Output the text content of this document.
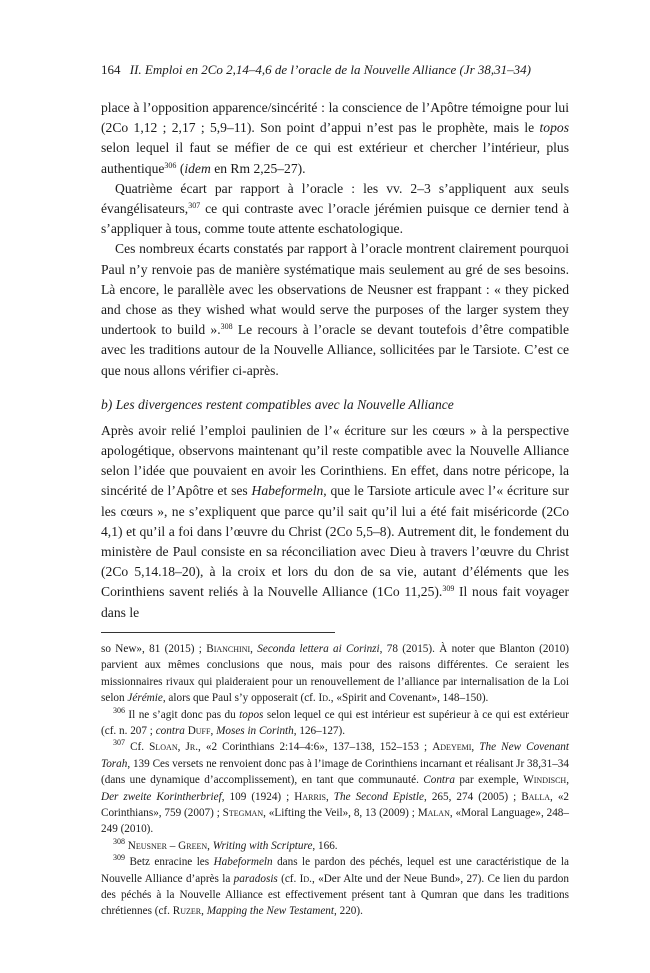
164 II. Emploi en 2Co 2,14–4,6 de l’oracle de la Nouvelle Alliance (Jr 38,31–34)

place à l’opposition apparence/sincérité : la conscience de l’Apôtre témoigne pour lui (2Co 1,12 ; 2,17 ; 5,9–11). Son point d’appui n’est pas le prophète, mais le topos selon lequel il faut se méfier de ce qui est extérieur et chercher l’intérieur, plus authentique$^{306}$ (idem en Rm 2,25–27).

Quatrième écart par rapport à l’oracle : les vv. 2–3 s’appliquent aux seuls évangélisateurs,$^{307}$ ce qui contraste avec l’oracle jérémien puisque ce dernier tend à s’appliquer à tous, comme toute attente eschatologique.

Ces nombreux écarts constatés par rapport à l’oracle montrent clairement pourquoi Paul n’y renvoie pas de manière systématique mais seulement au gré de ses besoins. Là encore, le parallèle avec les observations de Neusner est frappant : « they picked and chose as they wished what would serve the purposes of the larger system they undertook to build ».$^{308}$ Le recours à l’oracle se devant toutefois d’être compatible avec les traditions autour de la Nouvelle Alliance, sollicitées par le Tarsiote. C’est ce que nous allons vérifier ci-après.

b) Les divergences restent compatibles avec la Nouvelle Alliance

Après avoir relié l’emploi paulinien de l’« écriture sur les cœurs » à la perspective apologétique, observons maintenant qu’il reste compatible avec la Nouvelle Alliance selon l’idée que pouvaient en avoir les Corinthiens. En effet, dans notre péricope, la sincérité de l’Apôtre et ses Habeformeln, que le Tarsiote articule avec l’« écriture sur les cœurs », ne s’expliquent que parce qu’il sait qu’il lui a été fait miséricorde (2Co 4,1) et qu’il a foi dans l’œuvre du Christ (2Co 5,5–8). Autrement dit, le fondement du ministère de Paul consiste en sa réconciliation avec Dieu à travers l’œuvre du Christ (2Co 5,14.18–20), à la croix et lors du don de sa vie, autant d’éléments que les Corinthiens savent reliés à la Nouvelle Alliance (1Co 11,25).$^{309}$ Il nous fait voyager dans le

so New», 81 (2015) ; Bianchini, Seconda lettera ai Corinzi, 78 (2015). À noter que Blanton (2010) parvient aux mêmes conclusions que nous, mais pour des raisons différentes. Ce seraient les missionnaires rivaux qui plaideraient pour un renouvellement de l’alliance par internalisation de la Loi selon Jérémie, alors que Paul s’y opposerait (cf. Id., «Spirit and Covenant», 148–150).

$^{306}$ Il ne s’agit donc pas du topos selon lequel ce qui est intérieur est supérieur à ce qui est extérieur (cf. n. 207 ; contra Duff, Moses in Corinth, 126–127).

$^{307}$ Cf. Sloan, Jr., «2 Corinthians 2:14–4:6», 137–138, 152–153 ; Adeyemi, The New Covenant Torah, 139 Ces versets ne renvoient donc pas à l’image de Corinthiens incarnant et réalisant Jr 38,31–34 (dans une dynamique d’accomplissement), en tant que communauté. Contra par exemple, Windisch, Der zweite Korintherbrief, 109 (1924) ; Harris, The Second Epistle, 265, 274 (2005) ; Balla, «2 Corinthians», 759 (2007) ; Stegman, «Lifting the Veil», 8, 13 (2009) ; Malan, «Moral Language», 248–249 (2010).

$^{308}$ Neusner – Green, Writing with Scripture, 166.

$^{309}$ Betz enracine les Habeformeln dans le pardon des péchés, lequel est une caractéristique de la Nouvelle Alliance d’après la paradosis (cf. Id., «Der Alte und der Neue Bund», 27). Ce lien du pardon des péchés à la Nouvelle Alliance est effectivement présent tant à Qumran que dans les traditions chrétiennes (cf. Ruzer, Mapping the New Testament, 220).
